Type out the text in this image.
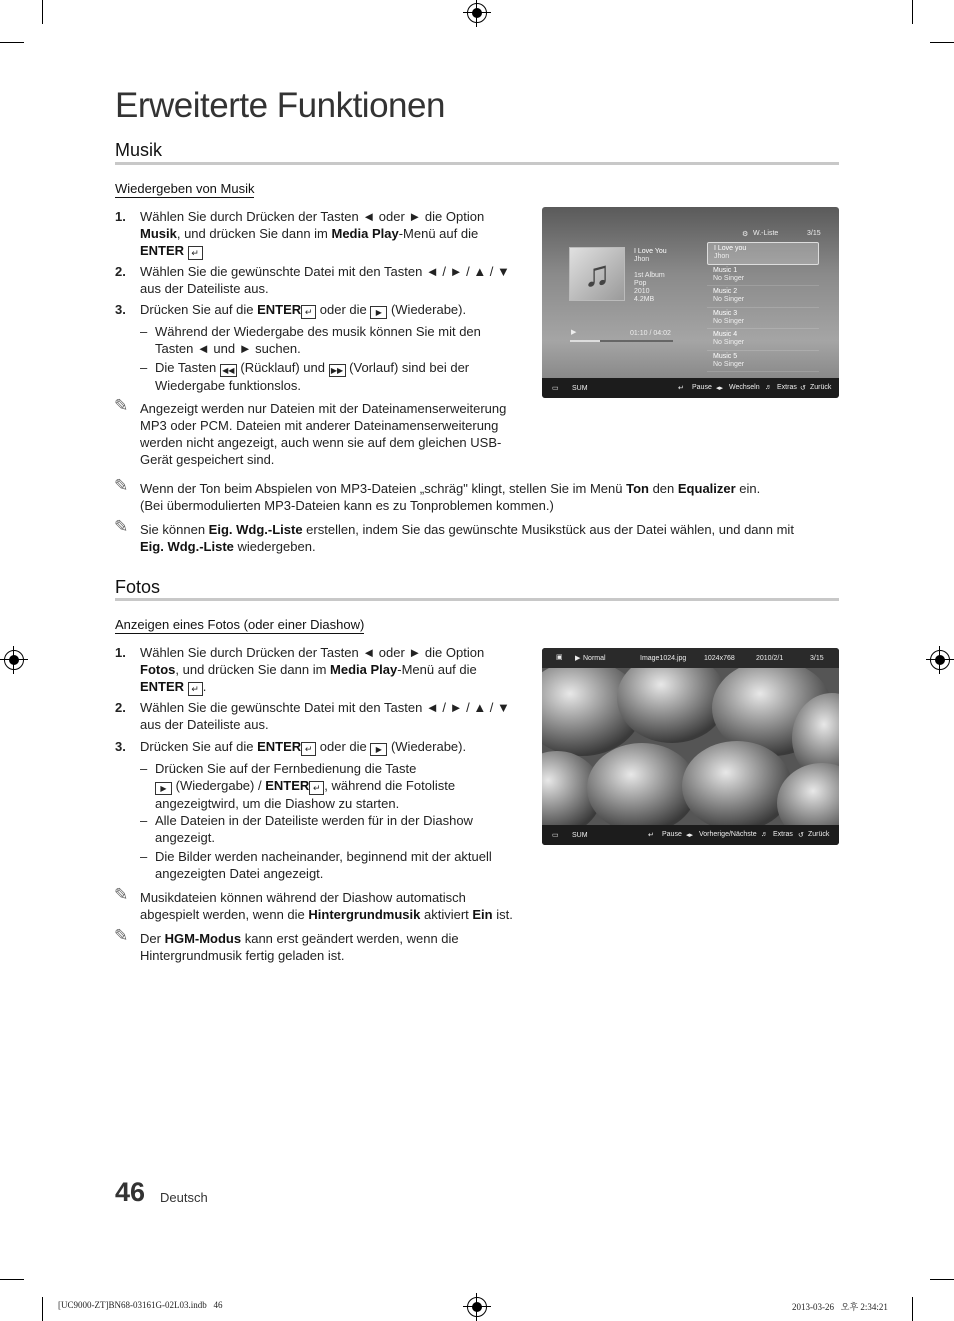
Erweiterte Funktionen
Musik
Wiedergeben von Musik
1. Wählen Sie durch Drücken der Tasten ◄ oder ► die Option
Musik, und drücken Sie dann im Media Play-Menü auf die
ENTER ↵
2. Wählen Sie die gewünschte Datei mit den Tasten ◄ / ► / ▲ / ▼
aus der Dateiliste aus.
3. Drücken Sie auf die ENTER ↵ oder die ▶ (Wiederabe).
– Während der Wiedergabe des musik können Sie mit den
Tasten ◄ und ► suchen.
– Die Tasten ◀◀ (Rücklauf) und ▶▶ (Vorlauf) sind bei der
Wiedergabe funktionslos.
✎ Angezeigt werden nur Dateien mit der Dateinamenserweiterung
MP3 oder PCM. Dateien mit anderer Dateinamenserweiterung
werden nicht angezeigt, auch wenn sie auf dem gleichen USB-
Gerät gespeichert sind.
✎ Wenn der Ton beim Abspielen von MP3-Dateien „schräg" klingt, stellen Sie im Menü Ton den Equalizer ein.
(Bei übermodulierten MP3-Dateien kann es zu Tonproblemen kommen.)
✎ Sie können Eig. Wdg.-Liste erstellen, indem Sie das gewünschte Musikstück aus der Datei wählen, und dann mit
Eig. Wdg.-Liste wiedergeben.
♫
I Love You
Jhon
1st Album
Pop
2010
4.2MB
▶	01:10 / 04:02
⚙ W.-Liste	3/15
I Love you
Jhon
Music 1
No Singer
Music 2
No Singer
Music 3
No Singer
Music 4
No Singer
Music 5
No Singer
▭ SUM	↵ Pause ◂▸ Wechseln ♬ Extras ↺ Zurück
Fotos
Anzeigen eines Fotos (oder einer Diashow)
1. Wählen Sie durch Drücken der Tasten ◄ oder ► die Option
Fotos, und drücken Sie dann im Media Play-Menü auf die
ENTER ↵ .
2. Wählen Sie die gewünschte Datei mit den Tasten ◄ / ► / ▲ / ▼
aus der Dateiliste aus.
3. Drücken Sie auf die ENTER ↵ oder die ▶ (Wiederabe).
– Drücken Sie auf der Fernbedienung die Taste
▶ (Wiedergabe) / ENTER ↵ , während die Fotoliste
angezeigtwird, um die Diashow zu starten.
– Alle Dateien in der Dateiliste werden für in der Diashow
angezeigt.
– Die Bilder werden nacheinander, beginnend mit der aktuell
angezeigten Datei angezeigt.
✎ Musikdateien können während der Diashow automatisch
abgespielt werden, wenn die Hintergrundmusik aktiviert Ein ist.
✎ Der HGM-Modus kann erst geändert werden, wenn die
Hintergrundmusik fertig geladen ist.
▣ ▶ Normal	Image1024.jpg	1024x768	2010/2/1	3/15
▭ SUM	↵ Pause ◂▸ Vorherige/Nächste ♬ Extras ↺ Zurück
46 Deutsch
[UC9000-ZT]BN68-03161G-02L03.indb   46	2013-03-26   오후 2:34:21
